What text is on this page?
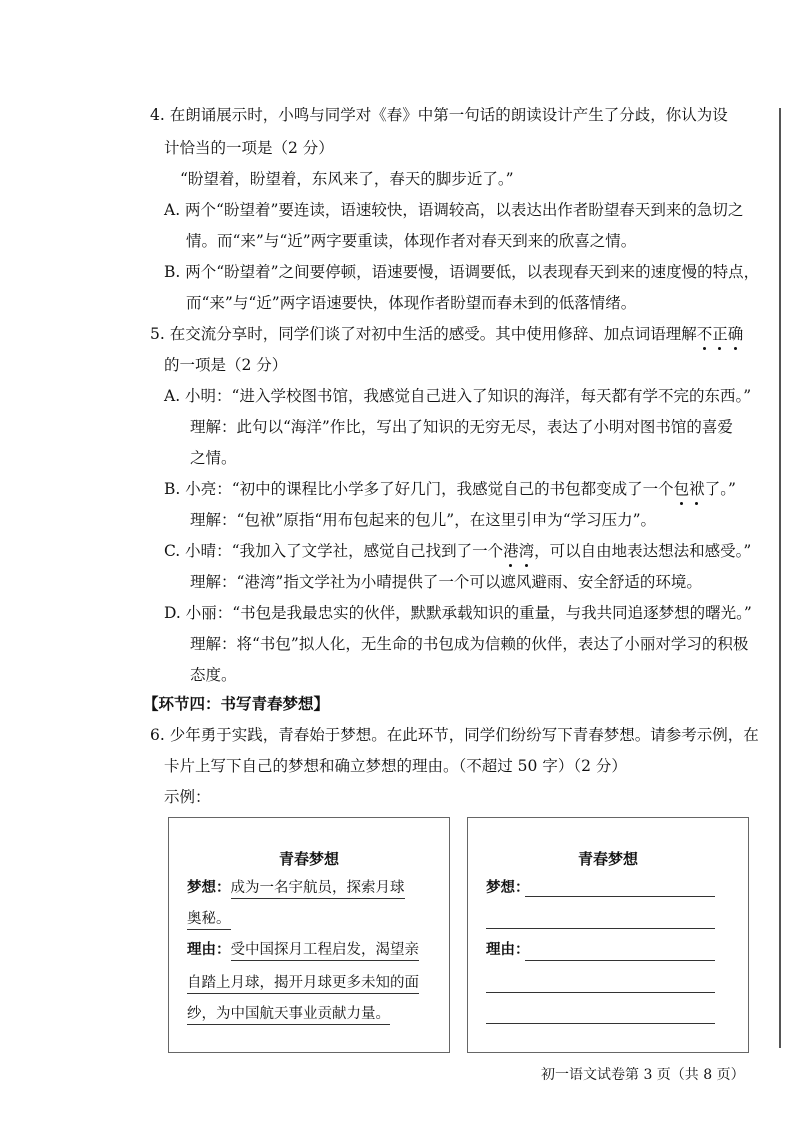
4. 在朗诵展示时，小鸣与同学对《春》中第一句话的朗读设计产生了分歧，你认为设
计恰当的一项是（2 分）
“盼望着，盼望着，东风来了，春天的脚步近了。”
A. 两个“盼望着”要连读，语速较快，语调较高，以表达出作者盼望春天到来的急切之
情。而“来”与“近”两字要重读，体现作者对春天到来的欣喜之情。
B. 两个“盼望着”之间要停顿，语速要慢，语调要低，以表现春天到来的速度慢的特点，
而“来”与“近”两字语速要快，体现作者盼望而春未到的低落情绪。
5. 在交流分享时，同学们谈了对初中生活的感受。其中使用修辞、加点词语理解不正确
的一项是（2 分）
A. 小明：“进入学校图书馆，我感觉自己进入了知识的海洋，每天都有学不完的东西。”
理解：此句以“海洋”作比，写出了知识的无穷无尽，表达了小明对图书馆的喜爱
之情。
B. 小亮：“初中的课程比小学多了好几门，我感觉自己的书包都变成了一个包袱了。”
理解：“包袱”原指“用布包起来的包儿”，在这里引申为“学习压力”。
C. 小晴：“我加入了文学社，感觉自己找到了一个港湾，可以自由地表达想法和感受。”
理解：“港湾”指文学社为小晴提供了一个可以遮风避雨、安全舒适的环境。
D. 小丽：“书包是我最忠实的伙伴，默默承载知识的重量，与我共同追逐梦想的曙光。”
理解：将“书包”拟人化，无生命的书包成为信赖的伙伴，表达了小丽对学习的积极
态度。
【环节四：书写青春梦想】
6. 少年勇于实践，青春始于梦想。在此环节，同学们纷纷写下青春梦想。请参考示例，在
卡片上写下自己的梦想和确立梦想的理由。（不超过 50 字）（2 分）
示例：
青春梦想
梦想：成为一名宇航员，探索月球
奥秘。
理由：受中国探月工程启发，渴望亲
自踏上月球，揭开月球更多未知的面
纱，为中国航天事业贡献力量。
青春梦想
梦想：
理由：
初一语文试卷第 3 页（共 8 页）
